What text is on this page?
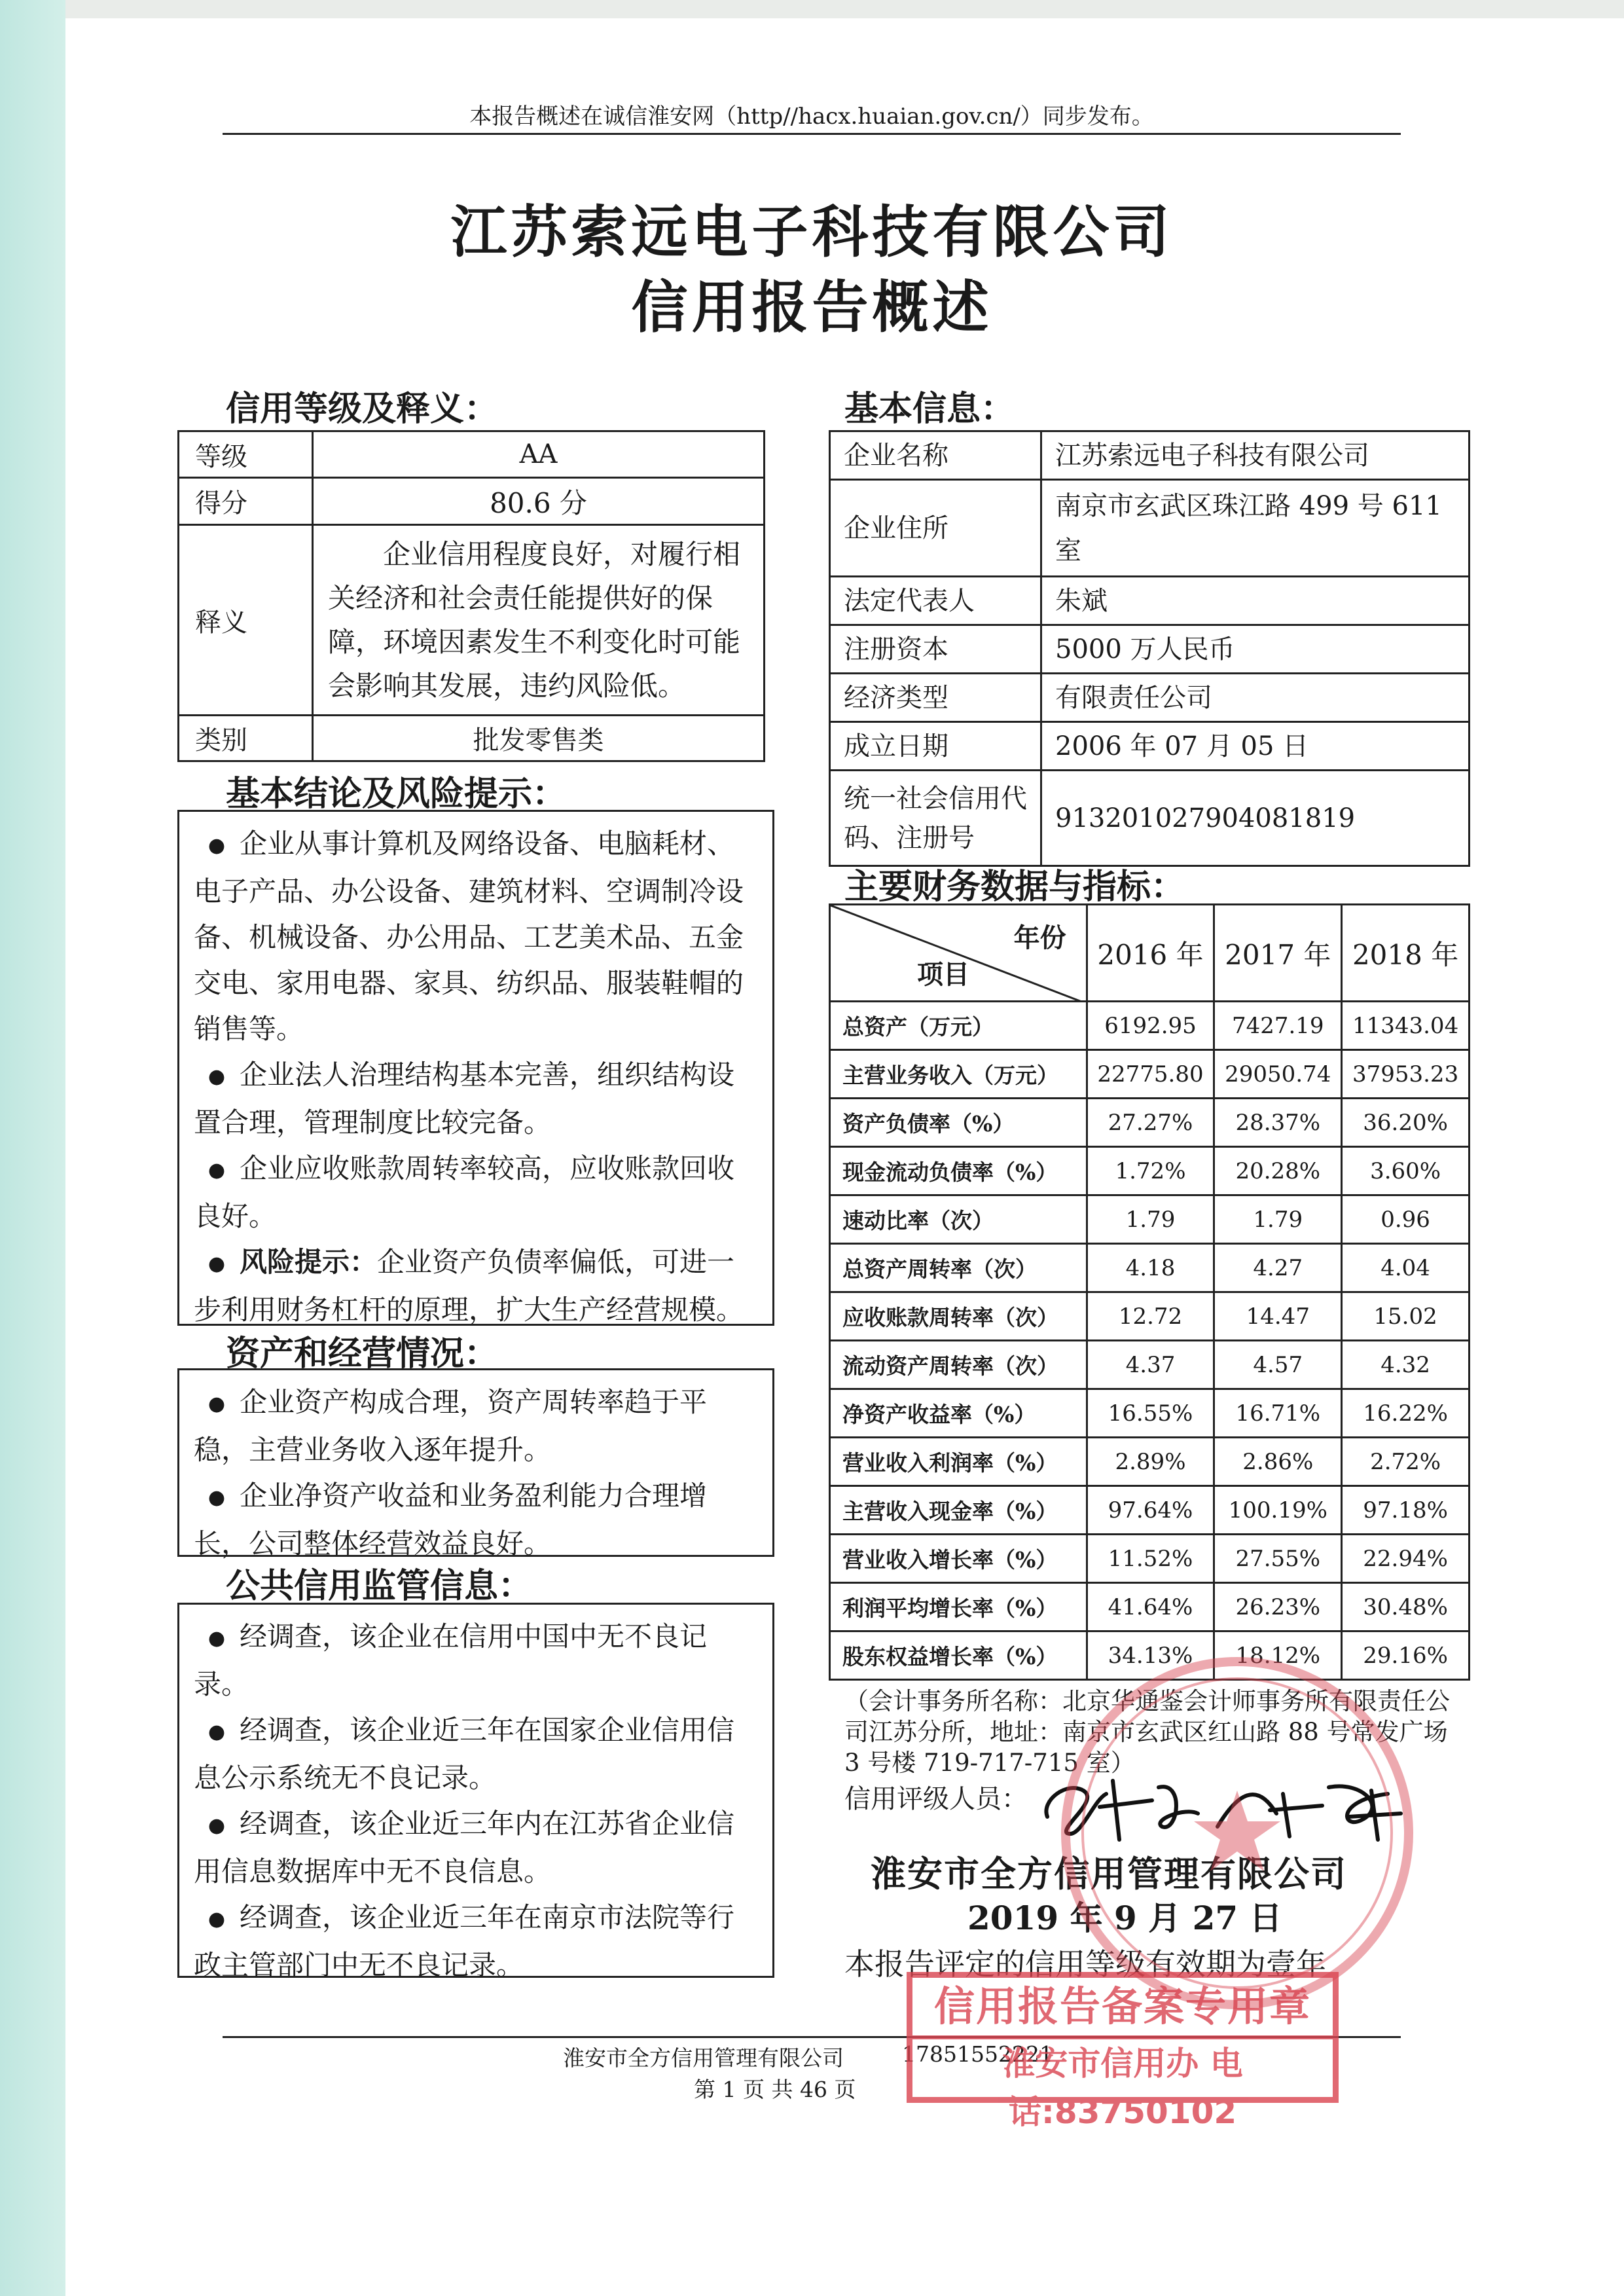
本报告概述在诚信淮安网（http//hacx.huaian.gov.cn/）同步发布。
江苏索远电子科技有限公司
信用报告概述
信用等级及释义：
等级	AA
得分	80.6 分
释义	企业信用程度良好，对履行相关经济和社会责任能提供好的保障，环境因素发生不利变化时可能会影响其发展，违约风险低。
类别	批发零售类
基本结论及风险提示：

● 企业从事计算机及网络设备、电脑耗材、电子产品、办公设备、建筑材料、空调制冷设备、机械设备、办公用品、工艺美术品、五金交电、家用电器、家具、纺织品、服装鞋帽的销售等。

● 企业法人治理结构基本完善，组织结构设置合理，管理制度比较完备。

● 企业应收账款周转率较高，应收账款回收良好。

● 风险提示：企业资产负债率偏低，可进一步利用财务杠杆的原理，扩大生产经营规模。

资产和经营情况：

● 企业资产构成合理，资产周转率趋于平稳，主营业务收入逐年提升。

● 企业净资产收益和业务盈利能力合理增长，公司整体经营效益良好。

公共信用监管信息：

● 经调查，该企业在信用中国中无不良记录。

● 经调查，该企业近三年在国家企业信用信息公示系统无不良记录。

● 经调查，该企业近三年内在江苏省企业信用信息数据库中无不良信息。

● 经调查，该企业近三年在南京市法院等行政主管部门中无不良记录。

基本信息：
企业名称	江苏索远电子科技有限公司
企业住所	南京市玄武区珠江路 499 号 611 室
法定代表人	朱斌
注册资本	5000 万人民币
经济类型	有限责任公司
成立日期	2006 年 07 月 05 日
统一社会信用代码、注册号	913201027904081819
主要财务数据与指标：
年份
项目	2016 年	2017 年	2018 年
总资产（万元）	6192.95	7427.19	11343.04
主营业务收入（万元）	22775.80	29050.74	37953.23
资产负债率（%）	27.27%	28.37%	36.20%
现金流动负债率（%）	1.72%	20.28%	3.60%
速动比率（次）	1.79	1.79	0.96
总资产周转率（次）	4.18	4.27	4.04
应收账款周转率（次）	12.72	14.47	15.02
流动资产周转率（次）	4.37	4.57	4.32
净资产收益率（%）	16.55%	16.71%	16.22%
营业收入利润率（%）	2.89%	2.86%	2.72%
主营收入现金率（%）	97.64%	100.19%	97.18%
营业收入增长率（%）	11.52%	27.55%	22.94%
利润平均增长率（%）	41.64%	26.23%	30.48%
股东权益增长率（%）	34.13%	18.12%	29.16%
（会计事务所名称：北京华通鉴会计师事务所有限责任公司江苏分所，地址：南京市玄武区红山路 88 号常发广场 3 号楼 719-717-715 室）
信用评级人员：
淮安市全方信用管理有限公司
2019 年 9 月 27 日
本报告评定的信用等级有效期为壹年
淮安市全方信用管理有限公司	17851552221
第 1 页 共 46 页
信用报告备案专用章
淮安市信用办 电话:83750102
